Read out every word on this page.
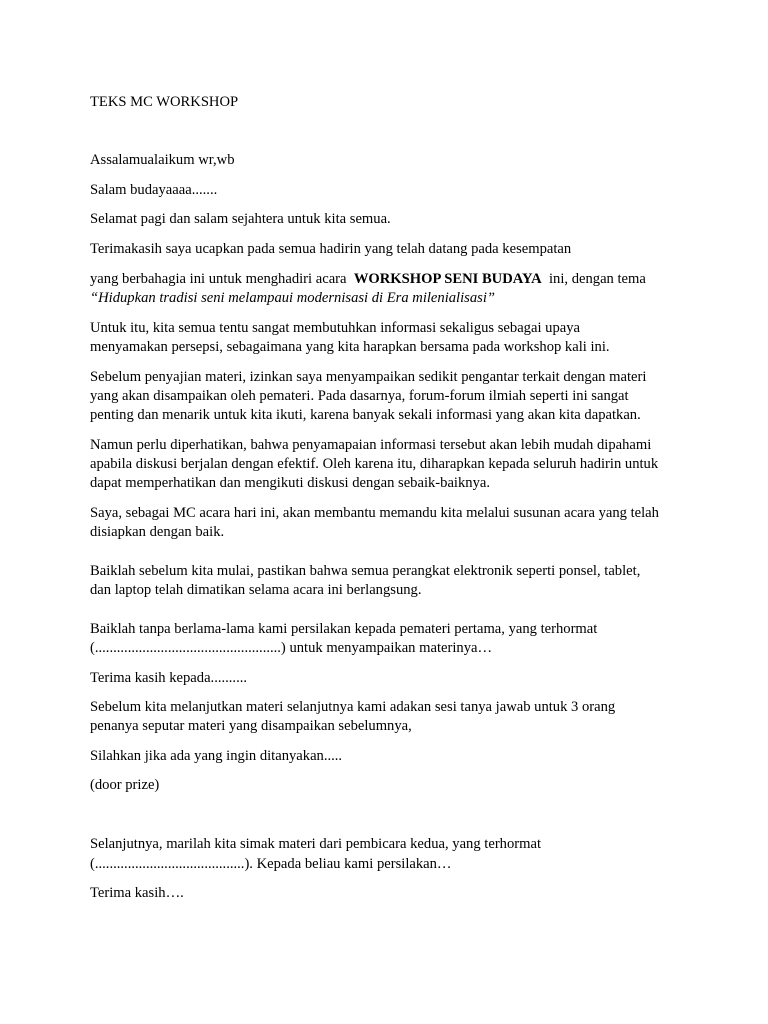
TEKS MC WORKSHOP
Assalamualaikum wr,wb
Salam budayaaaa.......
Selamat pagi dan salam sejahtera untuk kita semua.
Terimakasih saya ucapkan pada semua hadirin yang telah datang pada kesempatan
yang berbahagia ini untuk menghadiri acara  WORKSHOP SENI BUDAYA  ini, dengan tema
“Hidupkan tradisi seni melampaui modernisasi di Era milenialisasi”
Untuk itu, kita semua tentu sangat membutuhkan informasi sekaligus sebagai upaya
menyamakan persepsi, sebagaimana yang kita harapkan bersama pada workshop kali ini.
Sebelum penyajian materi, izinkan saya menyampaikan sedikit pengantar terkait dengan materi
yang akan disampaikan oleh pemateri. Pada dasarnya, forum-forum ilmiah seperti ini sangat
penting dan menarik untuk kita ikuti, karena banyak sekali informasi yang akan kita dapatkan.
Namun perlu diperhatikan, bahwa penyamapaian informasi tersebut akan lebih mudah dipahami
apabila diskusi berjalan dengan efektif. Oleh karena itu, diharapkan kepada seluruh hadirin untuk
dapat memperhatikan dan mengikuti diskusi dengan sebaik-baiknya.
Saya, sebagai MC acara hari ini, akan membantu memandu kita melalui susunan acara yang telah
disiapkan dengan baik.
Baiklah sebelum kita mulai, pastikan bahwa semua perangkat elektronik seperti ponsel, tablet,
dan laptop telah dimatikan selama acara ini berlangsung.
Baiklah tanpa berlama-lama kami persilakan kepada pemateri pertama, yang terhormat
(...................................................) untuk menyampaikan materinya…
Terima kasih kepada..........
Sebelum kita melanjutkan materi selanjutnya kami adakan sesi tanya jawab untuk 3 orang
penanya seputar materi yang disampaikan sebelumnya,
Silahkan jika ada yang ingin ditanyakan.....
(door prize)
Selanjutnya, marilah kita simak materi dari pembicara kedua, yang terhormat
(.........................................). Kepada beliau kami persilakan…
Terima kasih….
